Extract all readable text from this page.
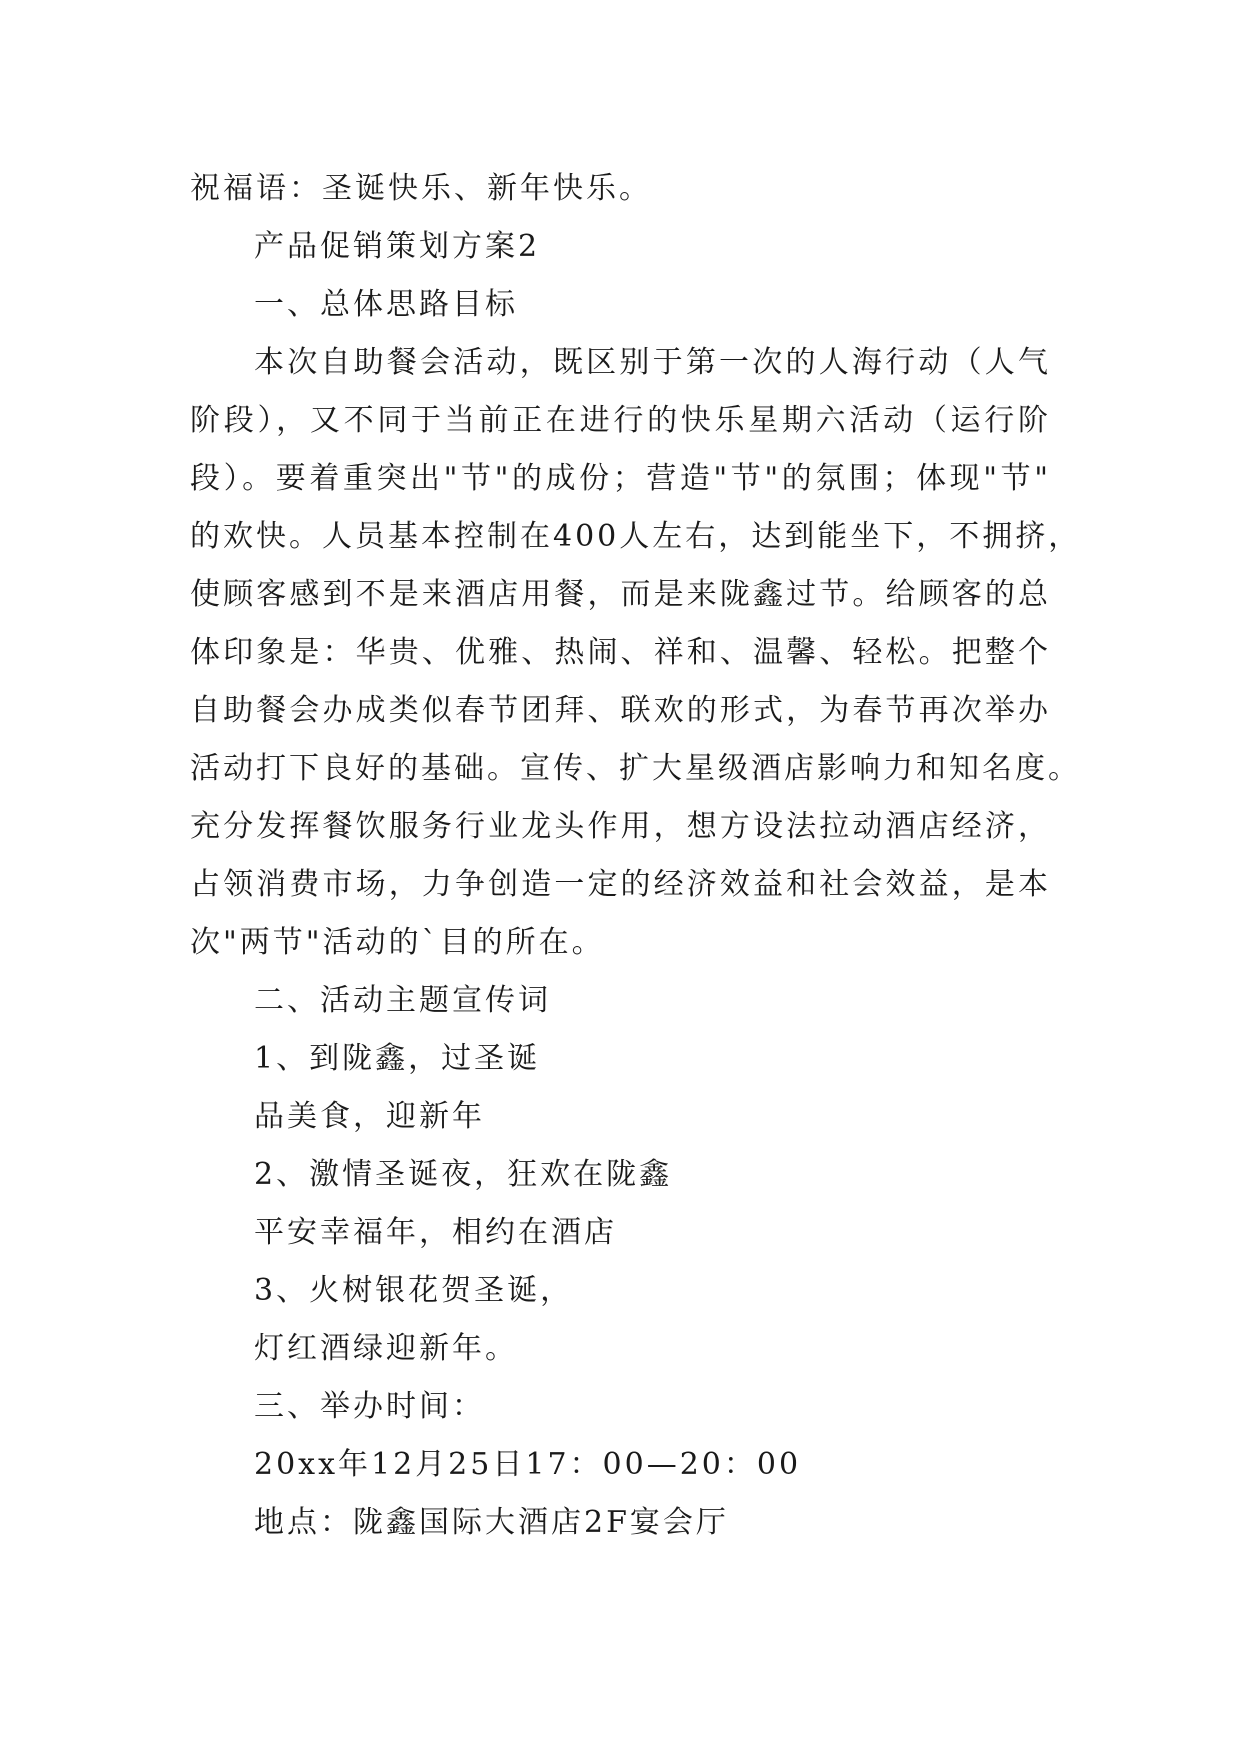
祝福语：圣诞快乐、新年快乐。
产品促销策划方案2
一、总体思路目标
本次自助餐会活动，既区别于第一次的人海行动（人气
阶段），又不同于当前正在进行的快乐星期六活动（运行阶
段）。要着重突出"节"的成份；营造"节"的氛围；体现"节"
的欢快。人员基本控制在400人左右，达到能坐下，不拥挤，
使顾客感到不是来酒店用餐，而是来陇鑫过节。给顾客的总
体印象是：华贵、优雅、热闹、祥和、温馨、轻松。把整个
自助餐会办成类似春节团拜、联欢的形式，为春节再次举办
活动打下良好的基础。宣传、扩大星级酒店影响力和知名度。
充分发挥餐饮服务行业龙头作用，想方设法拉动酒店经济，
占领消费市场，力争创造一定的经济效益和社会效益，是本
次"两节"活动的`目的所在。
二、活动主题宣传词
1、到陇鑫，过圣诞
品美食，迎新年
2、激情圣诞夜，狂欢在陇鑫
平安幸福年，相约在酒店
3、火树银花贺圣诞，
灯红酒绿迎新年。
三、举办时间：
20xx年12月25日17：00—20：00
地点：陇鑫国际大酒店2F宴会厅
